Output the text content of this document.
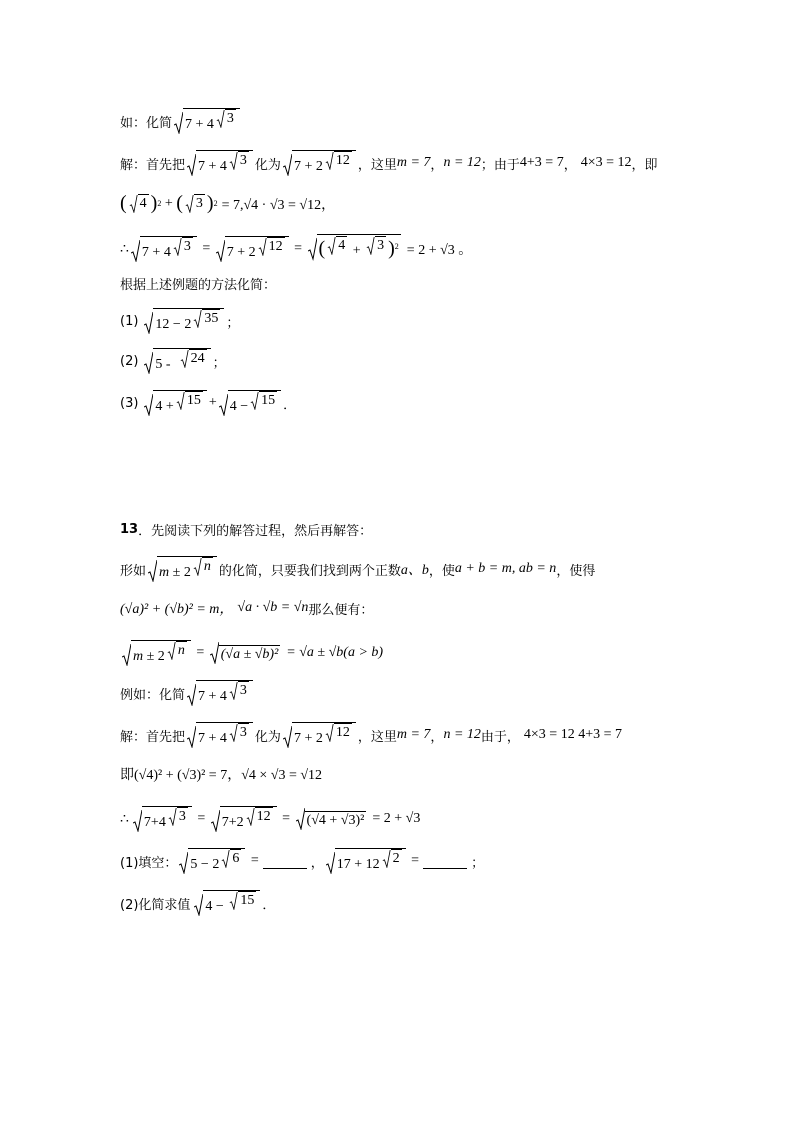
如：化简 7 + 4 3
解：首先把 7 + 4 3 化为 7 + 2 12 ，这里 m = 7 ， n = 12 ；由于 4+3 = 7 ， 4×3 = 12 ，即
( 4 ) 2 + ( 3 ) 2 = 7,√4 · √3 = √12，
∴ 7 + 4 3 = 7 + 2 12 = ( 4 + 3 )$^2$ = 2 + √3 。
根据上述例题的方法化简：
(1) 12 − 2 35 ；
(2) 5 - 24 ；
(3) 4 + 15 + 4 − 15 ．
13 ．先阅读下列的解答过程，然后再解答：
形如 m ± 2 n 的化简，只要我们找到两个正数 a、b ，使 a + b = m, ab = n ，使得
(√a)² + (√b)² = m， √a · √b = √n 那么便有：
m ± 2 n = (√a ± √b)² = √a ± √b(a > b)
例如：化简 7 + 4 3
解：首先把 7 + 4 3 化为 7 + 2 12 ，这里 m = 7 ， n = 12 由于， 4×3 = 12 4+3 = 7
即(√4)² + (√3)² = 7，√4 × √3 = √12
∴ 7+4 3 = 7+2 12 = (√4 + √3)² = 2 + √3
(1)填空： 5 − 2 6 =	， 17 + 12 2 =	；
(2)化简求值 4 − 15 ．
